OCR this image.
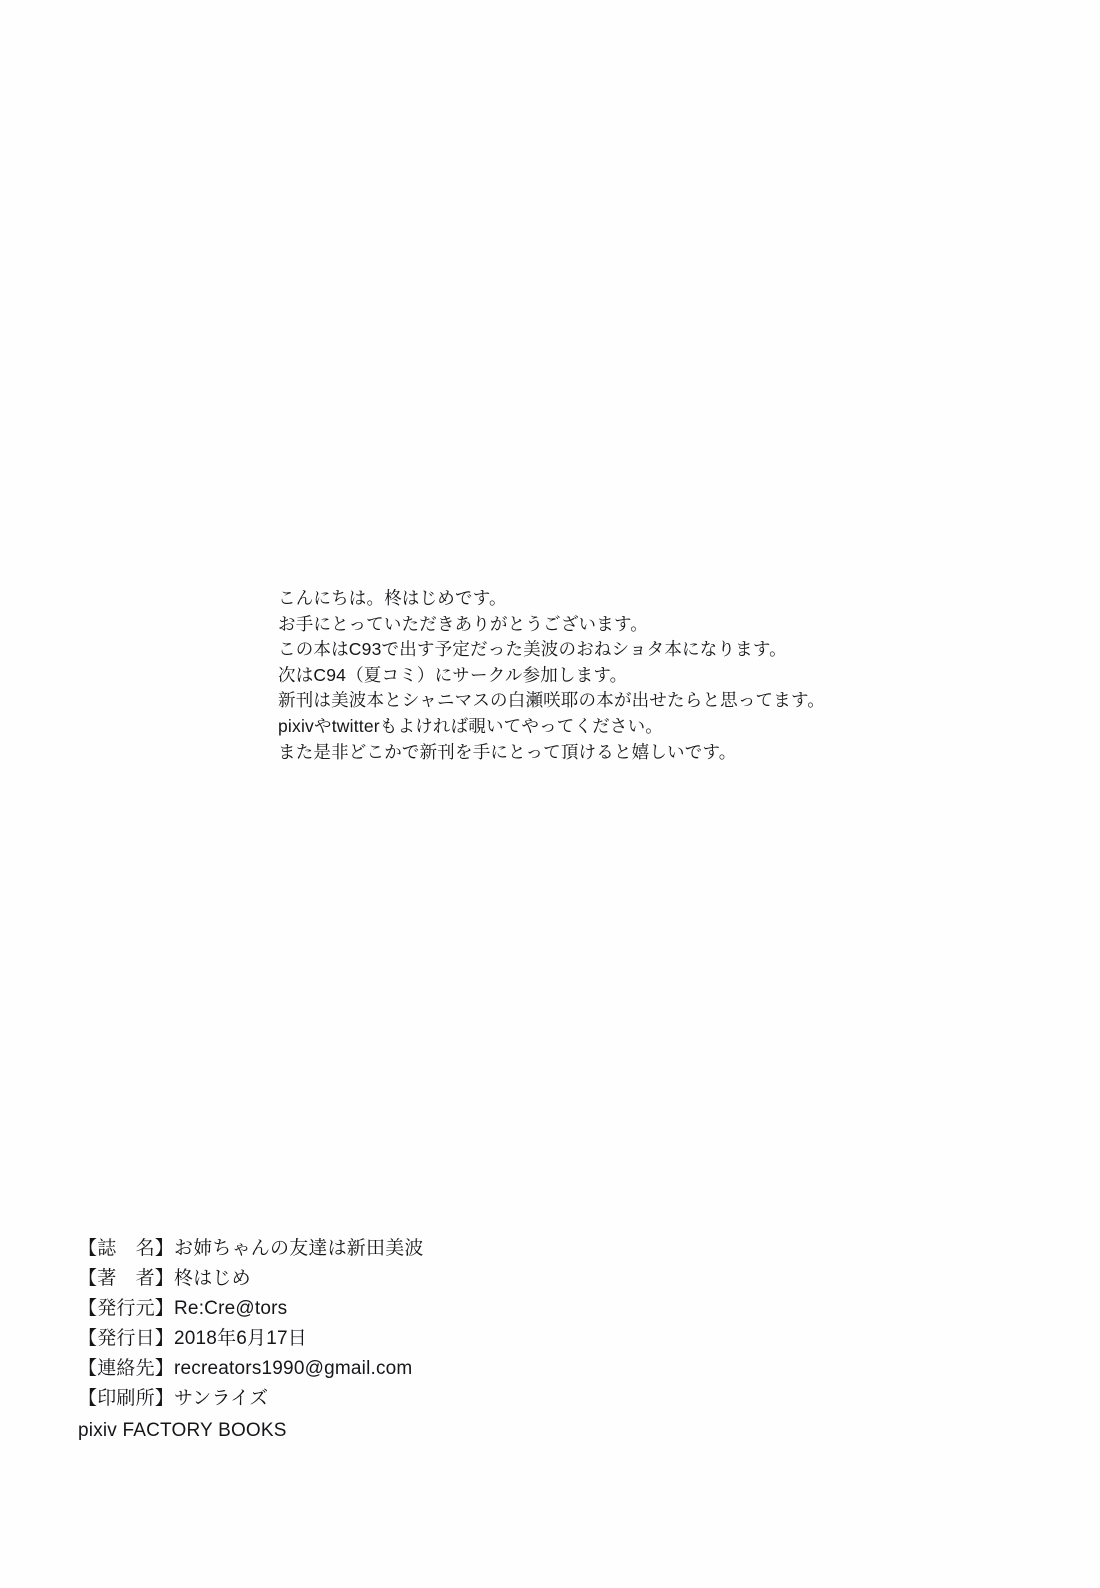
こんにちは。柊はじめです。

お手にとっていただきありがとうございます。

この本はC93で出す予定だった美波のおねショタ本になります。

次はC94（夏コミ）にサークル参加します。

新刊は美波本とシャニマスの白瀬咲耶の本が出せたらと思ってます。

pixivやtwitterもよければ覗いてやってください。

また是非どこかで新刊を手にとって頂けると嬉しいです。

【誌　名】お姉ちゃんの友達は新田美波

【著　者】柊はじめ

【発行元】Re:Cre@tors

【発行日】2018年6月17日

【連絡先】recreators1990@gmail.com

【印刷所】サンライズ

pixiv FACTORY BOOKS
